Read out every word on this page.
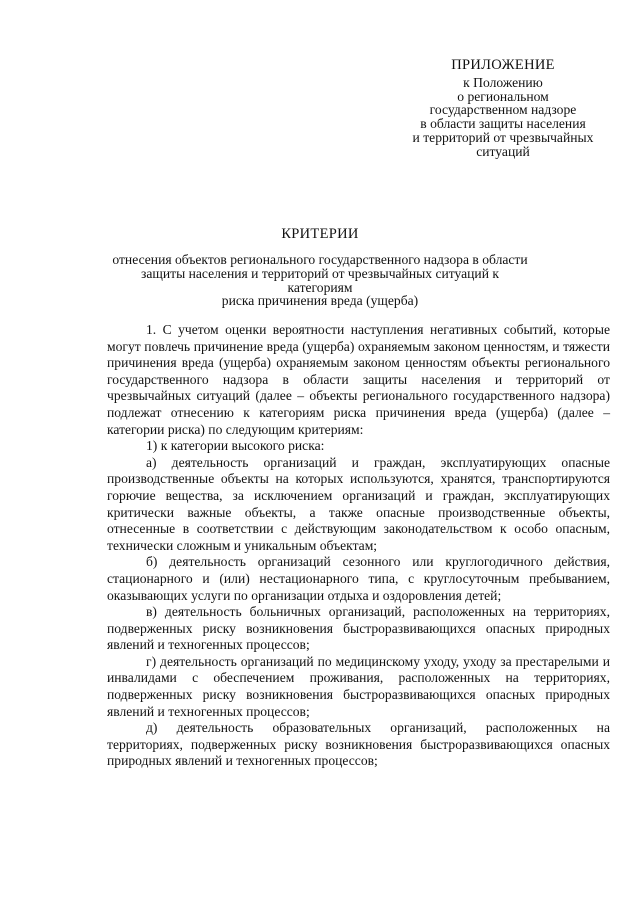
ПРИЛОЖЕНИЕ
к Положению
о региональном
государственном надзоре
в области защиты населения
и территорий от чрезвычайных
ситуаций
КРИТЕРИИ
отнесения объектов регионального государственного надзора в области
защиты населения и территорий от чрезвычайных ситуаций к категориям
риска причинения вреда (ущерба)

1. С учетом оценки вероятности наступления негативных событий, которые могут повлечь причинение вреда (ущерба) охраняемым законом ценностям, и тяжести причинения вреда (ущерба) охраняемым законом ценностям объекты регионального государственного надзора в области защиты населения и территорий от чрезвычайных ситуаций (далее – объекты регионального государственного надзора) подлежат отнесению к категориям риска причинения вреда (ущерба) (далее – категории риска) по следующим критериям:

1) к категории высокого риска:

а) деятельность организаций и граждан, эксплуатирующих опасные производственные объекты на которых используются, хранятся, транспортируются горючие вещества, за исключением организаций и граждан, эксплуатирующих критически важные объекты, а также опасные производственные объекты, отнесенные в соответствии с действующим законодательством к особо опасным, технически сложным и уникальным объектам;

б) деятельность организаций сезонного или круглогодичного действия, стационарного и (или) нестационарного типа, с круглосуточным пребыванием, оказывающих услуги по организации отдыха и оздоровления детей;

в) деятельность больничных организаций, расположенных на территориях, подверженных риску возникновения быстроразвивающихся опасных природных явлений и техногенных процессов;

г) деятельность организаций по медицинскому уходу, уходу за престарелыми и инвалидами с обеспечением проживания, расположенных на территориях, подверженных риску возникновения быстроразвивающихся опасных природных явлений и техногенных процессов;

д) деятельность образовательных организаций, расположенных на территориях, подверженных риску возникновения быстроразвивающихся опасных природных явлений и техногенных процессов;
